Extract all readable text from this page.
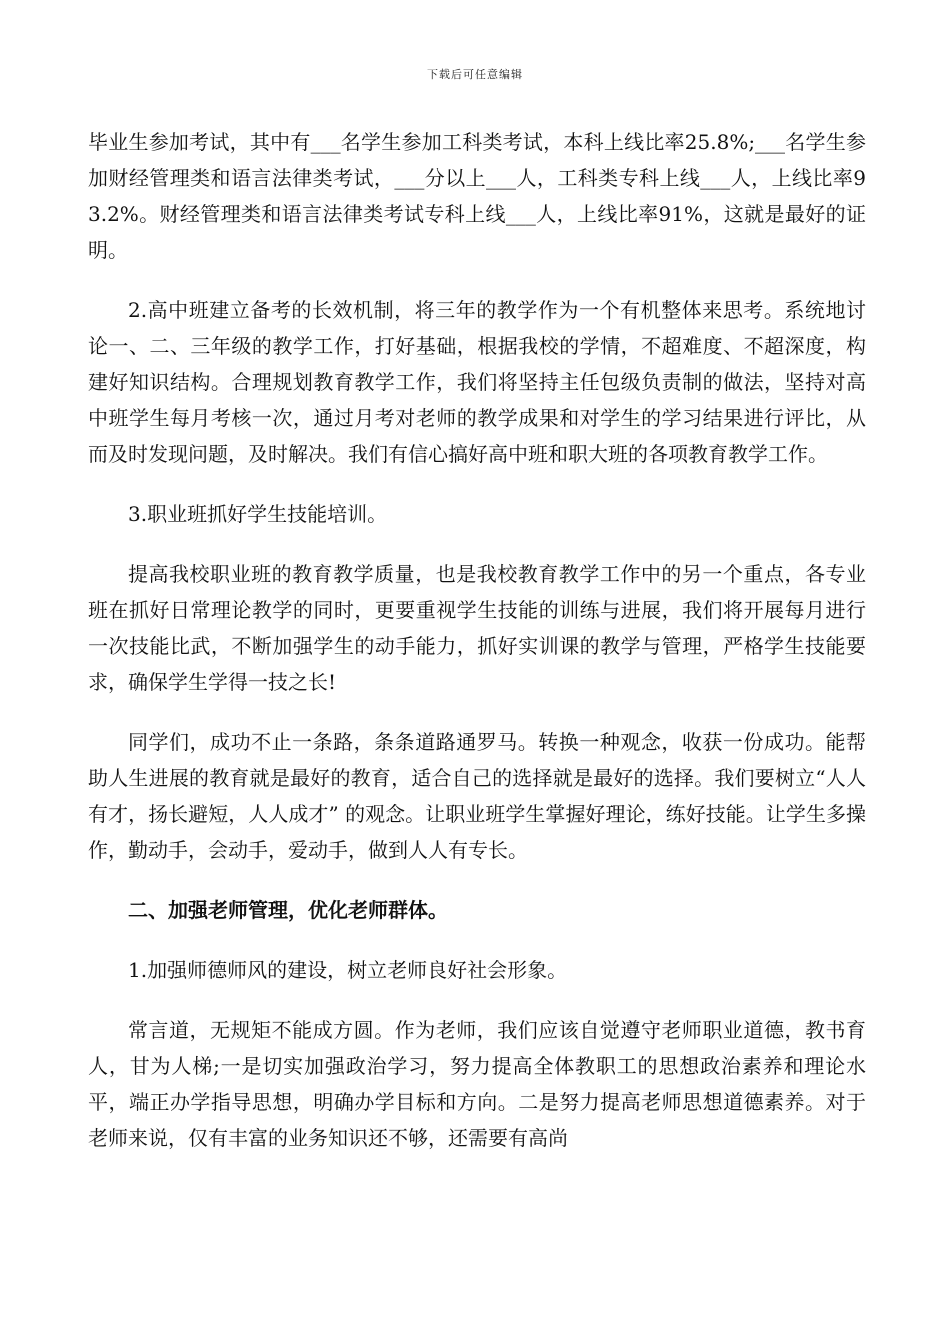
下载后可任意编辑

毕业生参加考试，其中有___名学生参加工科类考试，本科上线比率25.8%;___名学生参加财经管理类和语言法律类考试，___分以上___人，工科类专科上线___人，上线比率93.2%。财经管理类和语言法律类考试专科上线___人，上线比率91%，这就是最好的证明。

2.高中班建立备考的长效机制，将三年的教学作为一个有机整体来思考。系统地讨论一、二、三年级的教学工作，打好基础，根据我校的学情，不超难度、不超深度，构建好知识结构。合理规划教育教学工作，我们将坚持主任包级负责制的做法，坚持对高中班学生每月考核一次，通过月考对老师的教学成果和对学生的学习结果进行评比，从而及时发现问题，及时解决。我们有信心搞好高中班和职大班的各项教育教学工作。

3.职业班抓好学生技能培训。

提高我校职业班的教育教学质量，也是我校教育教学工作中的另一个重点，各专业班在抓好日常理论教学的同时，更要重视学生技能的训练与进展，我们将开展每月进行一次技能比武，不断加强学生的动手能力，抓好实训课的教学与管理，严格学生技能要求，确保学生学得一技之长!

同学们，成功不止一条路，条条道路通罗马。转换一种观念，收获一份成功。能帮助人生进展的教育就是最好的教育，适合自己的选择就是最好的选择。我们要树立“人人有才，扬长避短，人人成才” 的观念。让职业班学生掌握好理论，练好技能。让学生多操作，勤动手，会动手，爱动手，做到人人有专长。

二、加强老师管理，优化老师群体。

1.加强师德师风的建设，树立老师良好社会形象。

常言道，无规矩不能成方圆。作为老师，我们应该自觉遵守老师职业道德，教书育人，甘为人梯;一是切实加强政治学习，努力提高全体教职工的思想政治素养和理论水平，端正办学指导思想，明确办学目标和方向。二是努力提高老师思想道德素养。对于老师来说，仅有丰富的业务知识还不够，还需要有高尚
